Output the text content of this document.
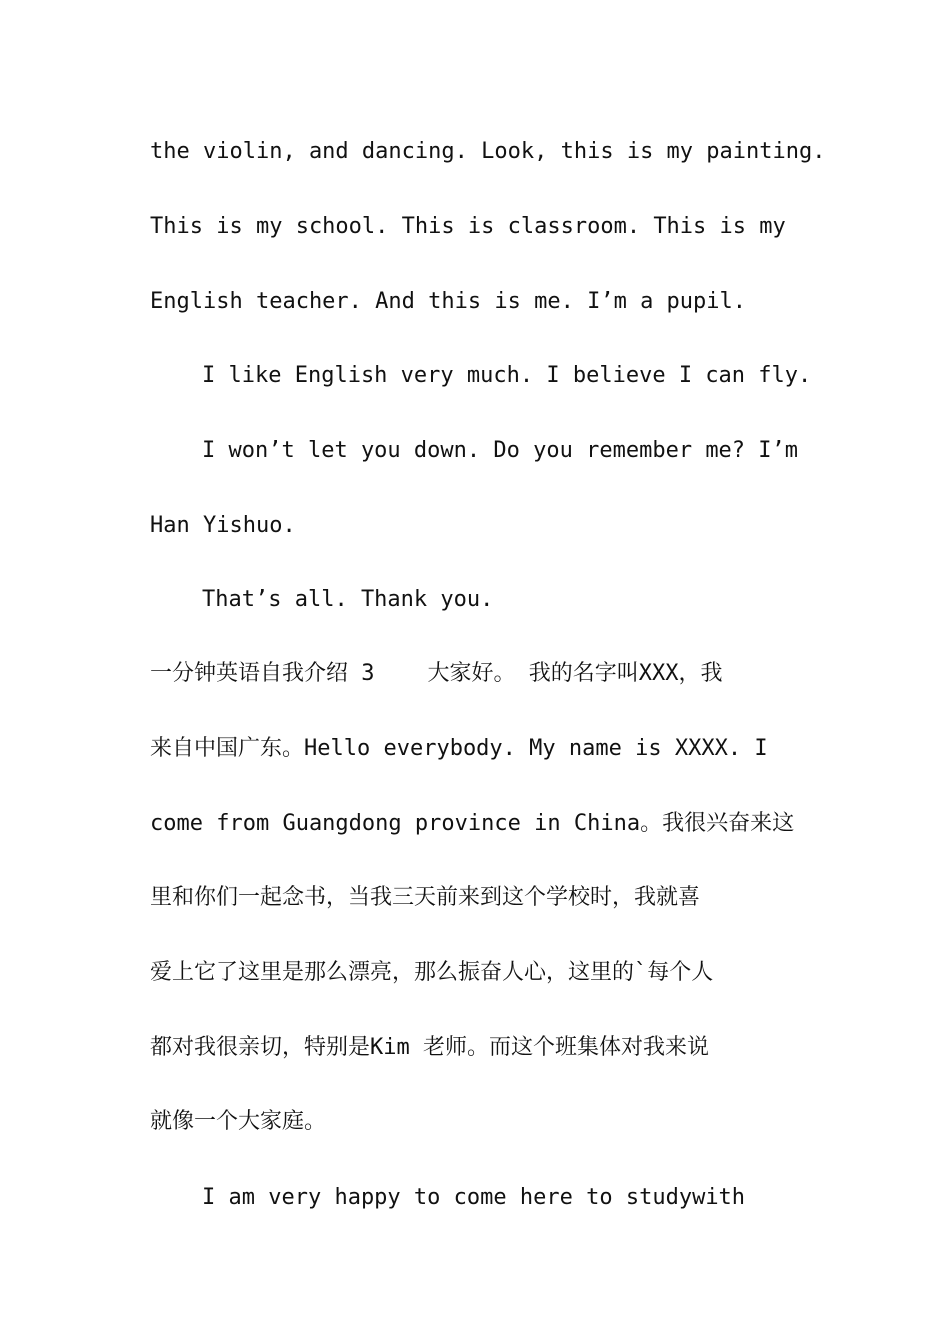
the violin, and dancing. Look, this is my painting.
This is my school. This is classroom. This is my
English teacher. And this is me. I’m a pupil.
I like English very much. I believe I can fly.
I won’t let you down. Do you remember me? I’m
Han Yishuo.
That’s all. Thank you.
一分钟英语自我介绍 3    大家好。 我的名字叫XXX，我
来自中国广东。Hello everybody. My name is XXXX. I
come from Guangdong province in China。我很兴奋来这
里和你们一起念书，当我三天前来到这个学校时，我就喜
爱上它了这里是那么漂亮，那么振奋人心，这里的`每个人
都对我很亲切，特别是Kim 老师。而这个班集体对我来说
就像一个大家庭。
I am very happy to come here to studywith
